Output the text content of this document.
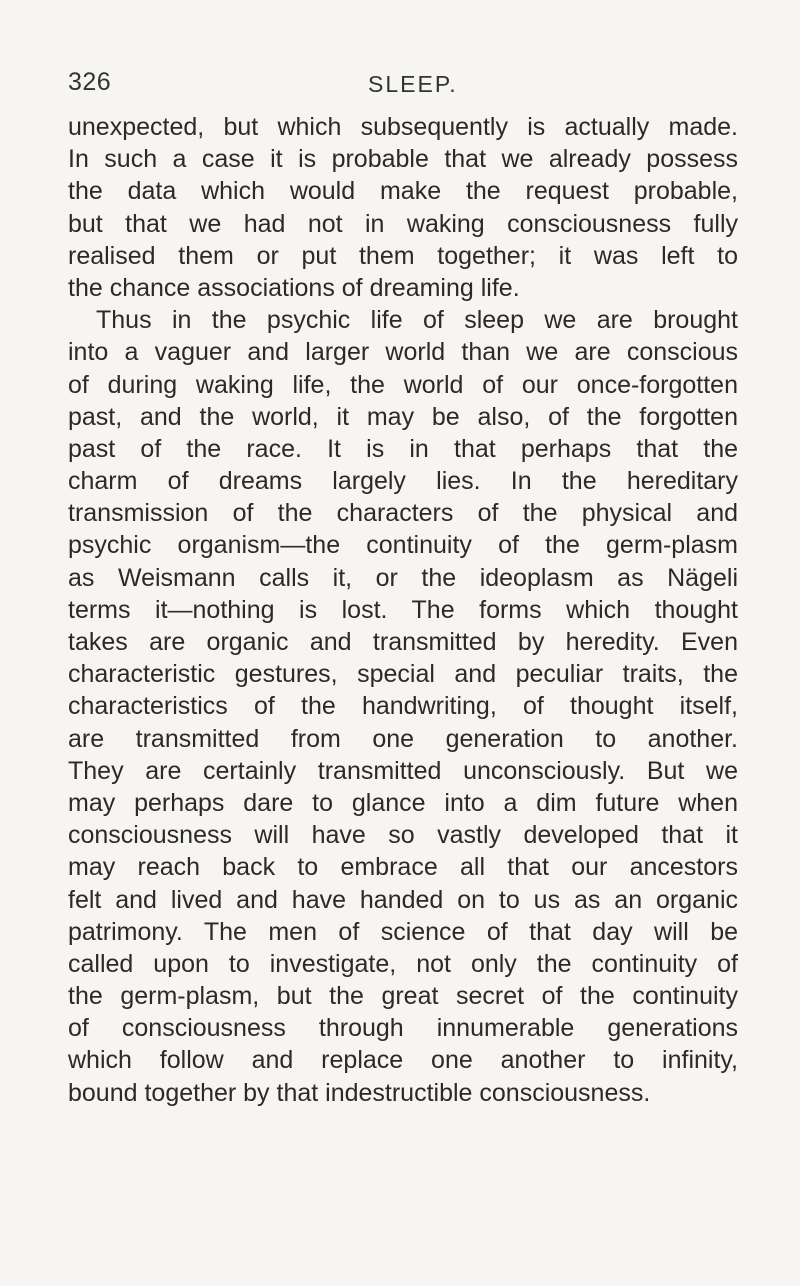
326	SLEEP.
unexpected, but which subsequently is actually made.
In such a case it is probable that we already possess
the data which would make the request probable,
but that we had not in waking consciousness fully
realised them or put them together; it was left to
the chance associations of dreaming life.
Thus in the psychic life of sleep we are brought
into a vaguer and larger world than we are conscious
of during waking life, the world of our once-forgotten
past, and the world, it may be also, of the forgotten
past of the race. It is in that perhaps that the
charm of dreams largely lies. In the hereditary
transmission of the characters of the physical and
psychic organism—the continuity of the germ-plasm
as Weismann calls it, or the ideoplasm as Nägeli
terms it—nothing is lost. The forms which thought
takes are organic and transmitted by heredity. Even
characteristic gestures, special and peculiar traits, the
characteristics of the handwriting, of thought itself,
are transmitted from one generation to another.
They are certainly transmitted unconsciously. But we
may perhaps dare to glance into a dim future when
consciousness will have so vastly developed that it
may reach back to embrace all that our ancestors
felt and lived and have handed on to us as an organic
patrimony. The men of science of that day will be
called upon to investigate, not only the continuity of
the germ-plasm, but the great secret of the continuity
of consciousness through innumerable generations
which follow and replace one another to infinity,
bound together by that indestructible consciousness.
